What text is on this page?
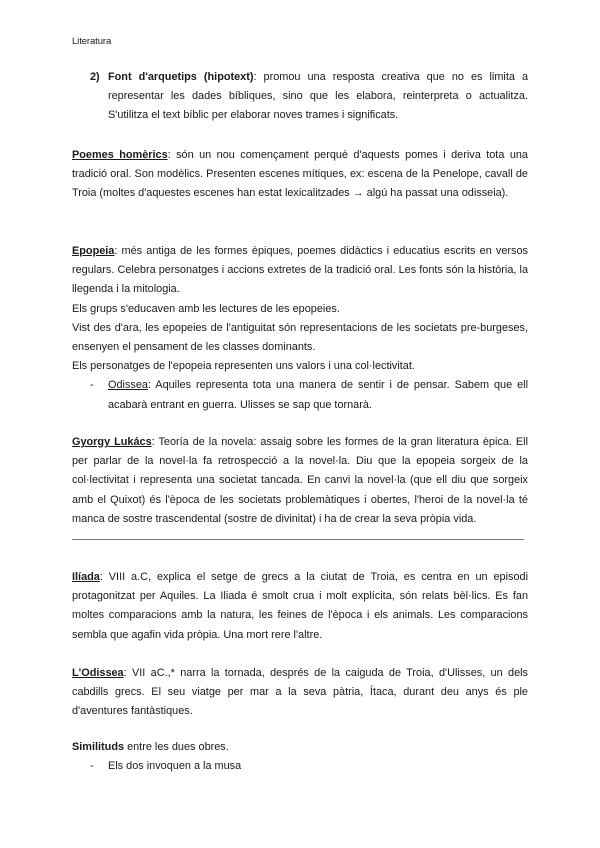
Literatura
2) Font d'arquetips (hipotext): promou una resposta creativa que no es limita a representar les dades bíbliques, sino que les elabora, reinterpreta o actualitza. S'utilitza el text bíblic per elaborar noves trames i significats.

Poemes homèrics: són un nou començament perquè d'aquests pomes i deriva tota una tradició oral. Son modèlics. Presenten escenes mítiques, ex: escena de la Penelope, cavall de Troia (moltes d'aquestes escenes han estat lexicalitzades → algú ha passat una odisseia).

Epopeia: més antiga de les formes èpiques, poemes didàctics i educatius escrits en versos regulars. Celebra personatges i accions extretes de la tradició oral. Les fonts són la història, la llegenda i la mitologia.

Els grups s'educaven amb les lectures de les epopeies.

Vist des d'ara, les epopeies de l'antiguitat són representacions de les societats pre-burgeses, ensenyen el pensament de les classes dominants.

Els personatges de l'epopeia representen uns valors i una col·lectivitat.

- Odissea: Aquiles representa tota una manera de sentir i de pensar. Sabem que ell acabarà entrant en guerra. Ulisses se sap que tornarà.

Gyorgy Lukács: Teoría de la novela: assaig sobre les formes de la gran literatura èpica. Ell per parlar de la novel·la fa retrospecció a la novel·la. Diu que la epopeia sorgeix de la col·lectivitat i representa una societat tancada. En canvi la novel·la (que ell diu que sorgeix amb el Quixot) és l'època de les societats problemàtiques i obertes, l'heroi de la novel·la té manca de sostre trascendental (sostre de divinitat) i ha de crear la seva pròpia vida.

Ilíada: VIII a.C, explica el setge de grecs a la ciutat de Troia, es centra en un episodi protagonitzat per Aquiles. La Iliada é smolt crua i molt explícita, són relats bèl·lics. Es fan moltes comparacions amb la natura, les feines de l'època i els animals. Les comparacions sembla que agafin vida pròpia. Una mort rere l'altre.

L'Odissea: VII aC.,* narra la tornada, després de la caiguda de Troia, d'Ulisses, un dels cabdills grecs. El seu viatge per mar a la seva pàtria, Ítaca, durant deu anys és ple d'aventures fantàstiques.

Similituds entre les dues obres.

- Els dos invoquen a la musa
